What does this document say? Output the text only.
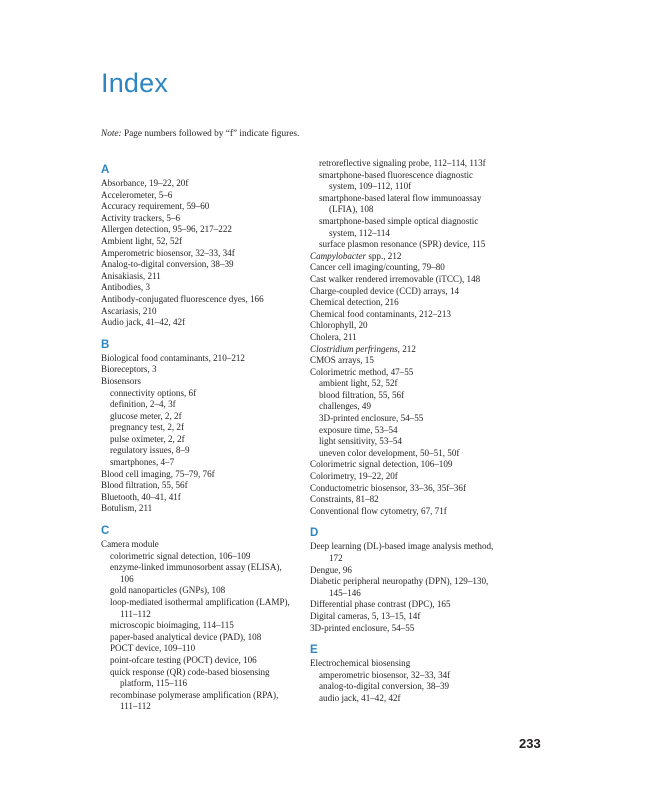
Index
Note: Page numbers followed by “f” indicate figures.
A
Absorbance, 19–22, 20f
Accelerometer, 5–6
Accuracy requirement, 59–60
Activity trackers, 5–6
Allergen detection, 95–96, 217–222
Ambient light, 52, 52f
Amperometric biosensor, 32–33, 34f
Analog-to-digital conversion, 38–39
Anisakiasis, 211
Antibodies, 3
Antibody-conjugated fluorescence dyes, 166
Ascariasis, 210
Audio jack, 41–42, 42f
B
Biological food contaminants, 210–212
Bioreceptors, 3
Biosensors
connectivity options, 6f
definition, 2–4, 3f
glucose meter, 2, 2f
pregnancy test, 2, 2f
pulse oximeter, 2, 2f
regulatory issues, 8–9
smartphones, 4–7
Blood cell imaging, 75–79, 76f
Blood filtration, 55, 56f
Bluetooth, 40–41, 41f
Botulism, 211
C
Camera module
colorimetric signal detection, 106–109
enzyme-linked immunosorbent assay (ELISA),
106
gold nanoparticles (GNPs), 108
loop-mediated isothermal amplification (LAMP),
111–112
microscopic bioimaging, 114–115
paper-based analytical device (PAD), 108
POCT device, 109–110
point-ofcare testing (POCT) device, 106
quick response (QR) code-based biosensing
platform, 115–116
recombinase polymerase amplification (RPA),
111–112
retroreflective signaling probe, 112–114, 113f
smartphone-based fluorescence diagnostic
system, 109–112, 110f
smartphone-based lateral flow immunoassay
(LFIA), 108
smartphone-based simple optical diagnostic
system, 112–114
surface plasmon resonance (SPR) device, 115
Campylobacter spp., 212
Cancer cell imaging/counting, 79–80
Cast walker rendered irremovable (iTCC), 148
Charge-coupled device (CCD) arrays, 14
Chemical detection, 216
Chemical food contaminants, 212–213
Chlorophyll, 20
Cholera, 211
Clostridium perfringens, 212
CMOS arrays, 15
Colorimetric method, 47–55
ambient light, 52, 52f
blood filtration, 55, 56f
challenges, 49
3D-printed enclosure, 54–55
exposure time, 53–54
light sensitivity, 53–54
uneven color development, 50–51, 50f
Colorimetric signal detection, 106–109
Colorimetry, 19–22, 20f
Conductometric biosensor, 33–36, 35f–36f
Constraints, 81–82
Conventional flow cytometry, 67, 71f
D
Deep learning (DL)-based image analysis method,
172
Dengue, 96
Diabetic peripheral neuropathy (DPN), 129–130,
145–146
Differential phase contrast (DPC), 165
Digital cameras, 5, 13–15, 14f
3D-printed enclosure, 54–55
E
Electrochemical biosensing
amperometric biosensor, 32–33, 34f
analog-to-digital conversion, 38–39
audio jack, 41–42, 42f
233
